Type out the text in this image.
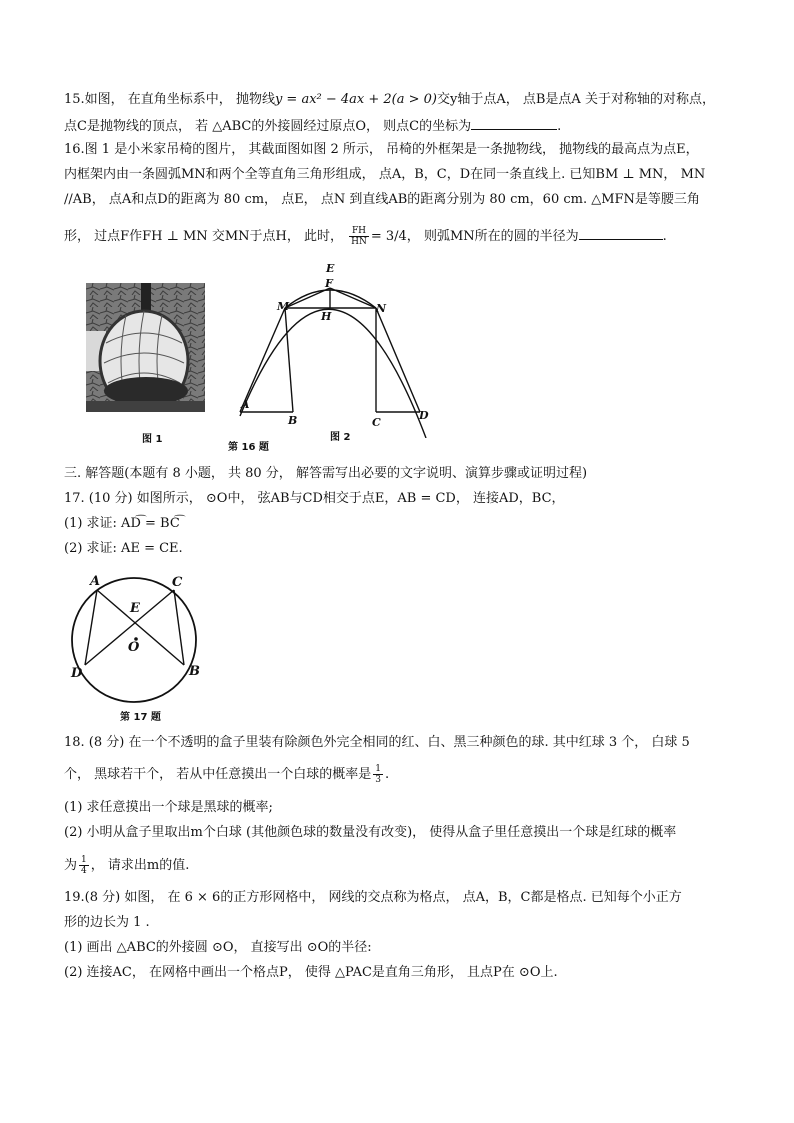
15.如图， 在直角坐标系中， 抛物线y = ax² − 4ax + 2(a > 0)交y轴于点A， 点B是点A 关于对称轴的对称点，
点C是抛物线的顶点， 若 △ABC的外接圆经过原点O， 则点C的坐标为	.
16.图 1 是小米家吊椅的图片， 其截面图如图 2 所示， 吊椅的外框架是一条抛物线， 抛物线的最高点为点E，
内框架内由一条圆弧MN和两个全等直角三角形组成， 点A，B，C，D在同一条直线上. 已知BM ⊥ MN， MN
//AB， 点A和点D的距离为 80 cm， 点E， 点N 到直线AB的距离分别为 80 cm，60 cm. △MFN是等腰三角
形， 过点F作FH ⊥ MN 交MN于点H， 此时， $\frac{FH}{HN} = 3/4$， 则弧MN所在的圆的半径为	.
图 1
E
F
M	N
H
A
B	C
D
图 2
第 16 题
三. 解答题(本题有 8 小题， 共 80 分， 解答需写出必要的文字说明、演算步骤或证明过程)
17. (10 分) 如图所示， ⊙O中， 弦AB与CD相交于点E，AB = CD， 连接AD，BC，
(1) 求证: AD͡ = BC͡
(2) 求证: AE = CE.
A	C
E
O
D	B
第 17 题
18. (8 分) 在一个不透明的盒子里装有除颜色外完全相同的红、白、黑三种颜色的球. 其中红球 3 个， 白球 5
个， 黑球若干个， 若从中任意摸出一个白球的概率是 $\frac{1}{3}$ .
(1) 求任意摸出一个球是黑球的概率;
(2) 小明从盒子里取出m个白球 (其他颜色球的数量没有改变)， 使得从盒子里任意摸出一个球是红球的概率
为 $\frac{1}{4}$ ， 请求出m的值.
19.(8 分) 如图， 在 6 × 6的正方形网格中， 网线的交点称为格点， 点A，B，C都是格点. 已知每个小正方
形的边长为 1 .
(1) 画出 △ABC的外接圆 ⊙O， 直接写出 ⊙O的半径:
(2) 连接AC， 在网格中画出一个格点P， 使得 △PAC是直角三角形， 且点P在 ⊙O上.
